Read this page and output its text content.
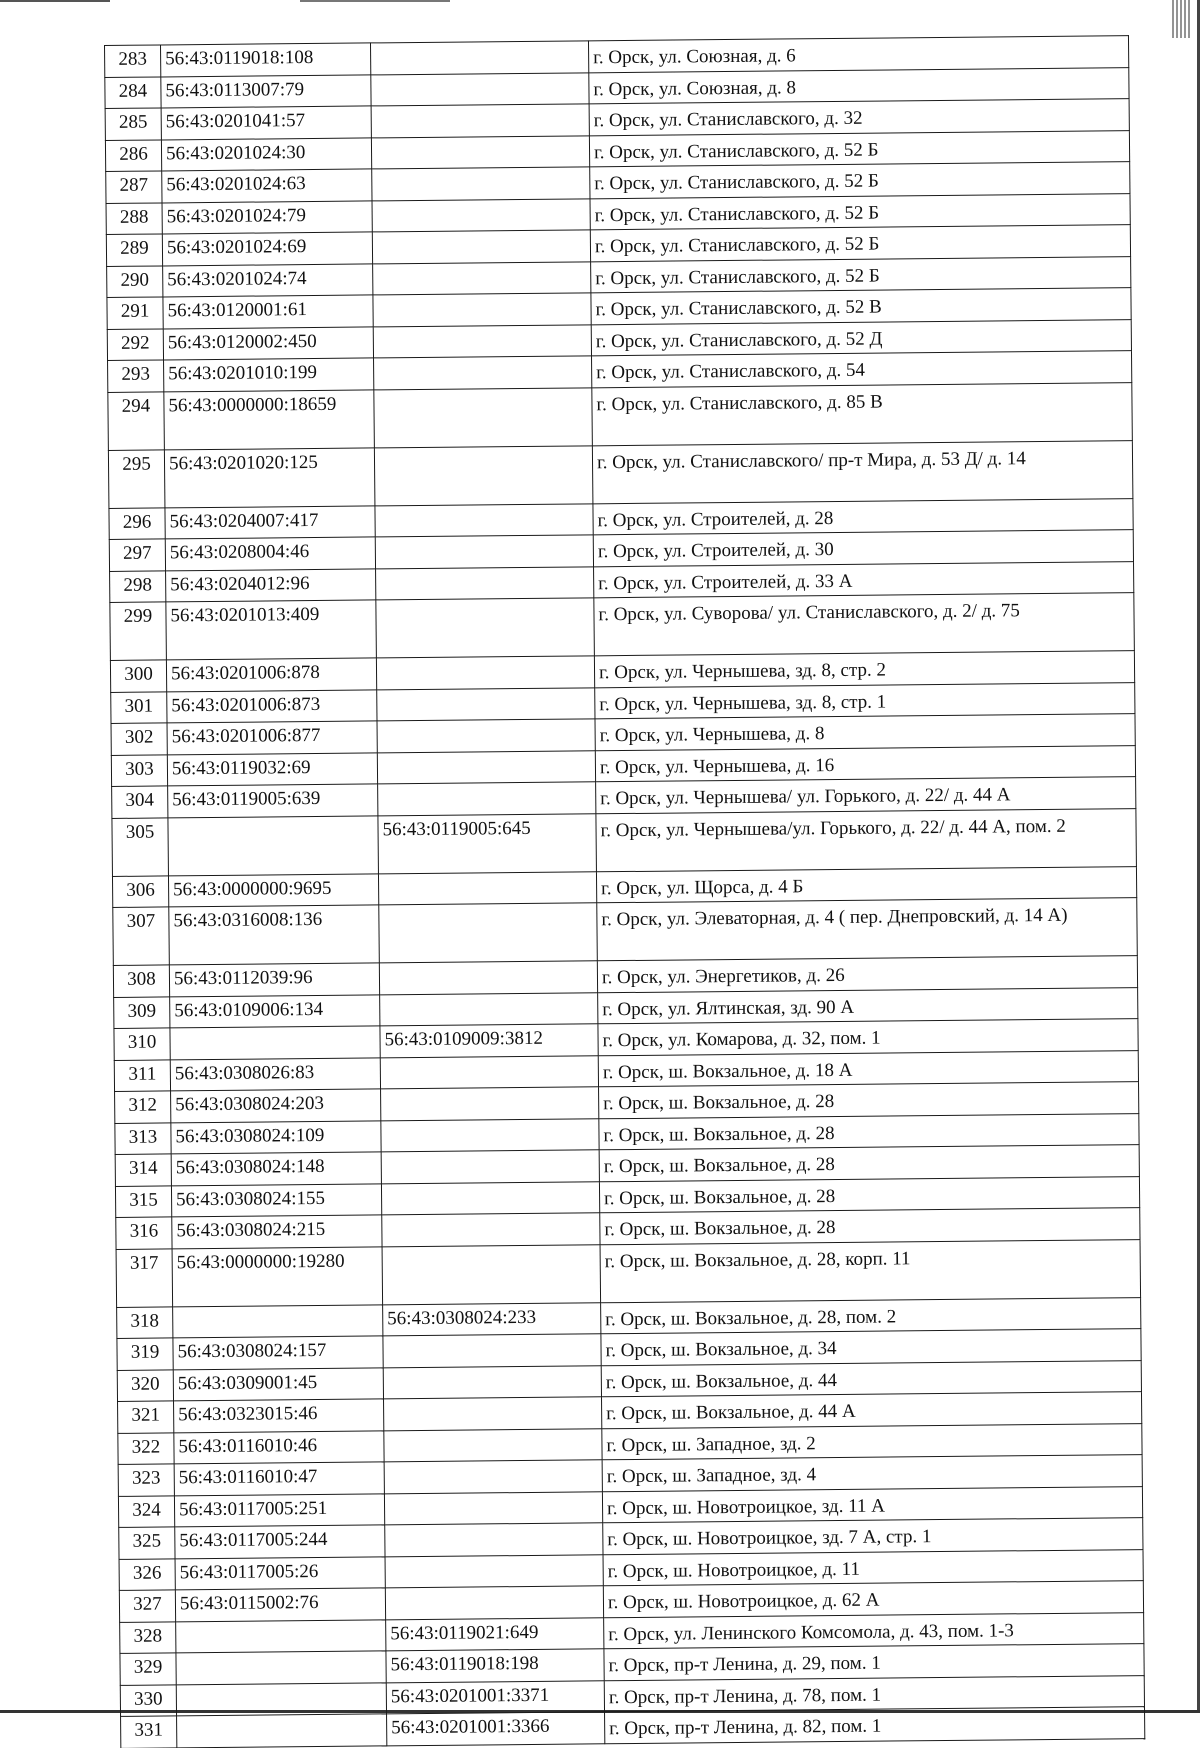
283	56:43:0119018:108		г. Орск, ул. Союзная, д. 6
284	56:43:0113007:79		г. Орск, ул. Союзная, д. 8
285	56:43:0201041:57		г. Орск, ул. Станиславского, д. 32
286	56:43:0201024:30		г. Орск, ул. Станиславского, д. 52 Б
287	56:43:0201024:63		г. Орск, ул. Станиславского, д. 52 Б
288	56:43:0201024:79		г. Орск, ул. Станиславского, д. 52 Б
289	56:43:0201024:69		г. Орск, ул. Станиславского, д. 52 Б
290	56:43:0201024:74		г. Орск, ул. Станиславского, д. 52 Б
291	56:43:0120001:61		г. Орск, ул. Станиславского, д. 52 В
292	56:43:0120002:450		г. Орск, ул. Станиславского, д. 52 Д
293	56:43:0201010:199		г. Орск, ул. Станиславского, д. 54
294	56:43:0000000:18659		г. Орск, ул. Станиславского, д. 85 В
295	56:43:0201020:125		г. Орск, ул. Станиславского/ пр-т Мира, д. 53 Д/ д. 14
296	56:43:0204007:417		г. Орск, ул. Строителей, д. 28
297	56:43:0208004:46		г. Орск, ул. Строителей, д. 30
298	56:43:0204012:96		г. Орск, ул. Строителей, д. 33 А
299	56:43:0201013:409		г. Орск, ул. Суворова/ ул. Станиславского, д. 2/ д. 75
300	56:43:0201006:878		г. Орск, ул. Чернышева, зд. 8, стр. 2
301	56:43:0201006:873		г. Орск, ул. Чернышева, зд. 8, стр. 1
302	56:43:0201006:877		г. Орск, ул. Чернышева, д. 8
303	56:43:0119032:69		г. Орск, ул. Чернышева, д. 16
304	56:43:0119005:639		г. Орск, ул. Чернышева/ ул. Горького, д. 22/ д. 44 А
305		56:43:0119005:645	г. Орск, ул. Чернышева/ул. Горького, д. 22/ д. 44 А, пом. 2
306	56:43:0000000:9695		г. Орск, ул. Щорса, д. 4 Б
307	56:43:0316008:136		г. Орск, ул. Элеваторная, д. 4 ( пер. Днепровский, д. 14 А)
308	56:43:0112039:96		г. Орск, ул. Энергетиков, д. 26
309	56:43:0109006:134		г. Орск, ул. Ялтинская, зд. 90 А
310		56:43:0109009:3812	г. Орск, ул. Комарова, д. 32, пом. 1
311	56:43:0308026:83		г. Орск, ш. Вокзальное, д. 18 А
312	56:43:0308024:203		г. Орск, ш. Вокзальное, д. 28
313	56:43:0308024:109		г. Орск, ш. Вокзальное, д. 28
314	56:43:0308024:148		г. Орск, ш. Вокзальное, д. 28
315	56:43:0308024:155		г. Орск, ш. Вокзальное, д. 28
316	56:43:0308024:215		г. Орск, ш. Вокзальное, д. 28
317	56:43:0000000:19280		г. Орск, ш. Вокзальное, д. 28, корп. 11
318		56:43:0308024:233	г. Орск, ш. Вокзальное, д. 28, пом. 2
319	56:43:0308024:157		г. Орск, ш. Вокзальное, д. 34
320	56:43:0309001:45		г. Орск, ш. Вокзальное, д. 44
321	56:43:0323015:46		г. Орск, ш. Вокзальное, д. 44 А
322	56:43:0116010:46		г. Орск, ш. Западное, зд. 2
323	56:43:0116010:47		г. Орск, ш. Западное, зд. 4
324	56:43:0117005:251		г. Орск, ш. Новотроицкое, зд. 11 А
325	56:43:0117005:244		г. Орск, ш. Новотроицкое, зд. 7 А, стр. 1
326	56:43:0117005:26		г. Орск, ш. Новотроицкое, д. 11
327	56:43:0115002:76		г. Орск, ш. Новотроицкое, д. 62 А
328		56:43:0119021:649	г. Орск, ул. Ленинского Комсомола, д. 43, пом. 1-3
329		56:43:0119018:198	г. Орск, пр-т Ленина, д. 29, пом. 1
330		56:43:0201001:3371	г. Орск, пр-т Ленина, д. 78, пом. 1
331		56:43:0201001:3366	г. Орск, пр-т Ленина, д. 82, пом. 1
